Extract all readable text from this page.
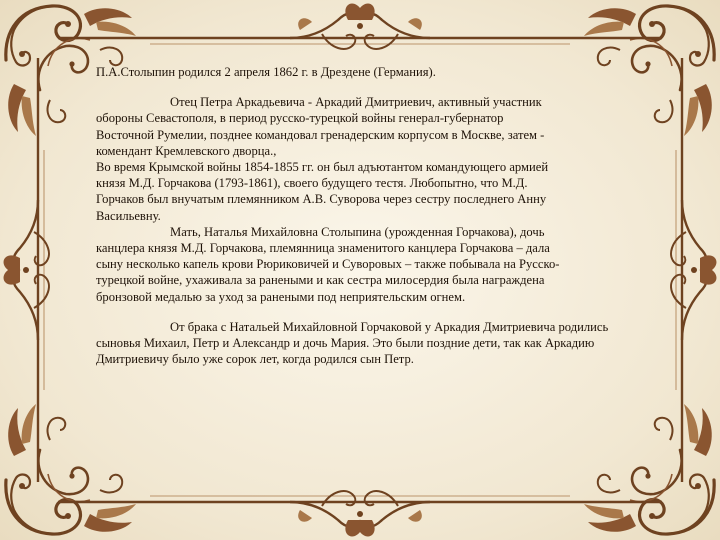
П.А.Столыпин родился 2 апреля 1862 г. в Дрездене (Германия).

Отец Петра Аркадьевича - Аркадий Дмитриевич, активный участник
обороны Севастополя, в период русско-турецкой войны генерал-губернатор
Восточной Румелии, позднее командовал гренадерским корпусом в Москве, затем -
комендант Кремлевского дворца.,
Во время Крымской войны 1854-1855 гг. он был адъютантом командующего армией
князя М.Д. Горчакова (1793-1861), своего будущего тестя. Любопытно, что М.Д.
Горчаков был внучатым племянником А.В. Суворова через сестру последнего Анну
Васильевну.

Мать, Наталья Михайловна Столыпина (урожденная Горчакова), дочь
канцлера князя М.Д. Горчакова, племянница знаменитого канцлера Горчакова – дала
сыну несколько капель крови Рюриковичей и Суворовых – также побывала на Русско-
турецкой войне, ухаживала за ранеными и как сестра милосердия была награждена
бронзовой медалью за уход за ранеными под неприятельским огнем.

От брака с Натальей Михайловной Горчаковой у Аркадия Дмитриевича родились
сыновья Михаил, Петр и Александр и дочь Мария. Это были поздние дети, так как Аркадию
Дмитриевичу было уже сорок лет, когда родился сын Петр.
